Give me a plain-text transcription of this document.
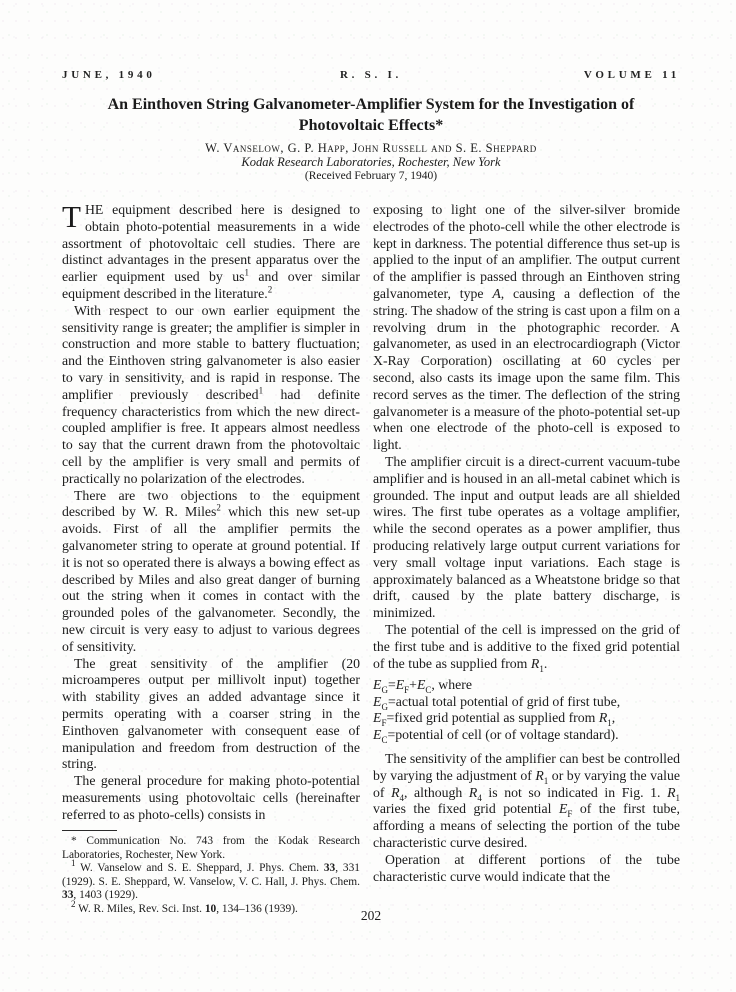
JUNE, 1940	R. S. I.	VOLUME 11
An Einthoven String Galvanometer-Amplifier System for the Investigation of Photovoltaic Effects*
W. Vanselow, G. P. Happ, John Russell and S. E. Sheppard
Kodak Research Laboratories, Rochester, New York
(Received February 7, 1940)

THE equipment described here is designed to obtain photo-potential measurements in a wide assortment of photovoltaic cell studies. There are distinct advantages in the present apparatus over the earlier equipment used by $us^1$ and over similar equipment described in the literature.$^2$

With respect to our own earlier equipment the sensitivity range is greater; the amplifier is simpler in construction and more stable to battery fluctuation; and the Einthoven string galvanometer is also easier to vary in sensitivity, and is rapid in response. The amplifier previously described$^1$ had definite frequency characteristics from which the new direct-coupled amplifier is free. It appears almost needless to say that the current drawn from the photovoltaic cell by the amplifier is very small and permits of practically no polarization of the electrodes.

There are two objections to the equipment described by W. R. Miles$^2$ which this new set-up avoids. First of all the amplifier permits the galvanometer string to operate at ground potential. If it is not so operated there is always a bowing effect as described by Miles and also great danger of burning out the string when it comes in contact with the grounded poles of the galvanometer. Secondly, the new circuit is very easy to adjust to various degrees of sensitivity.

The great sensitivity of the amplifier (20 microamperes output per millivolt input) together with stability gives an added advantage since it permits operating with a coarser string in the Einthoven galvanometer with consequent ease of manipulation and freedom from destruction of the string.

The general procedure for making photo-potential measurements using photovoltaic cells (hereinafter referred to as photo-cells) consists in

* Communication No. 743 from the Kodak Research Laboratories, Rochester, New York.

$^1$ W. Vanselow and S. E. Sheppard, J. Phys. Chem. 33, 331 (1929). S. E. Sheppard, W. Vanselow, V. C. Hall, J. Phys. Chem. 33, 1403 (1929).

$^2$ W. R. Miles, Rev. Sci. Inst. 10, 134–136 (1939).

exposing to light one of the silver-silver bromide electrodes of the photo-cell while the other electrode is kept in darkness. The potential difference thus set-up is applied to the input of an amplifier. The output current of the amplifier is passed through an Einthoven string galvanometer, type A, causing a deflection of the string. The shadow of the string is cast upon a film on a revolving drum in the photographic recorder. A galvanometer, as used in an electrocardiograph (Victor X-Ray Corporation) oscillating at 60 cycles per second, also casts its image upon the same film. This record serves as the timer. The deflection of the string galvanometer is a measure of the photo-potential set-up when one electrode of the photo-cell is exposed to light.

The amplifier circuit is a direct-current vacuum-tube amplifier and is housed in an all-metal cabinet which is grounded. The input and output leads are all shielded wires. The first tube operates as a voltage amplifier, while the second operates as a power amplifier, thus producing relatively large output current variations for very small voltage input variations. Each stage is approximately balanced as a Wheatstone bridge so that drift, caused by the plate battery discharge, is minimized.

The potential of the cell is impressed on the grid of the first tube and is additive to the fixed grid potential of the tube as supplied from $R_1$.

$E_G=E_F+E_C$, where
$E_G=actual$ total potential of grid of first tube,
$E_F=fixed$ grid potential as supplied from $R_1$,
$E_C=potential$ of cell (or of voltage standard).

The sensitivity of the amplifier can best be controlled by varying the adjustment of $R_1$ or by varying the value of $R_4$, although $R_4$ is not so indicated in Fig. 1. $R_1$ varies the fixed grid potential $E_F$ of the first tube, affording a means of selecting the portion of the tube characteristic curve desired.

Operation at different portions of the tube characteristic curve would indicate that the

202
